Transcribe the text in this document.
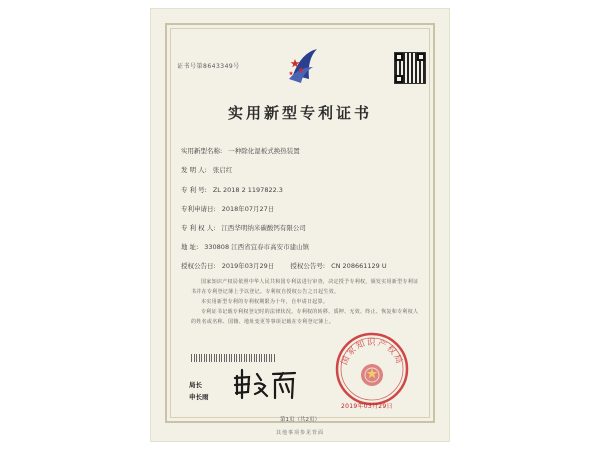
证书号第8643349号
实用新型专利证书
实用新型名称: 一种除化湿板式换热装置
发 明 人: 张启红
专 利 号: ZL 2018 2 1197822.3
专利申请日: 2018年07月27日
专 利 权 人: 江西华明纳米碳酸钙有限公司
地 址: 330808 江西省宜春市高安市建山镇
授权公告日: 2019年03月29日 授权公告号: CN 208661129 U

国家知识产权局依照中华人民共和国专利法进行审查，决定授予专利权，颁发实用新型专利证书并在专利登记簿上予以登记。专利权自授权公告之日起生效。

本实用新型专利的专利权期限为十年，自申请日起算。

专利证书记载专利权登记时的法律状况。专利权的转移、质押、无效、终止、恢复和专利权人的姓名或名称、国籍、地址变更等事项记载在专利登记簿上。

局长
申长雨
国家知识产权局
2019年03月29日
第1页（共2页）
其他事项参见背面
